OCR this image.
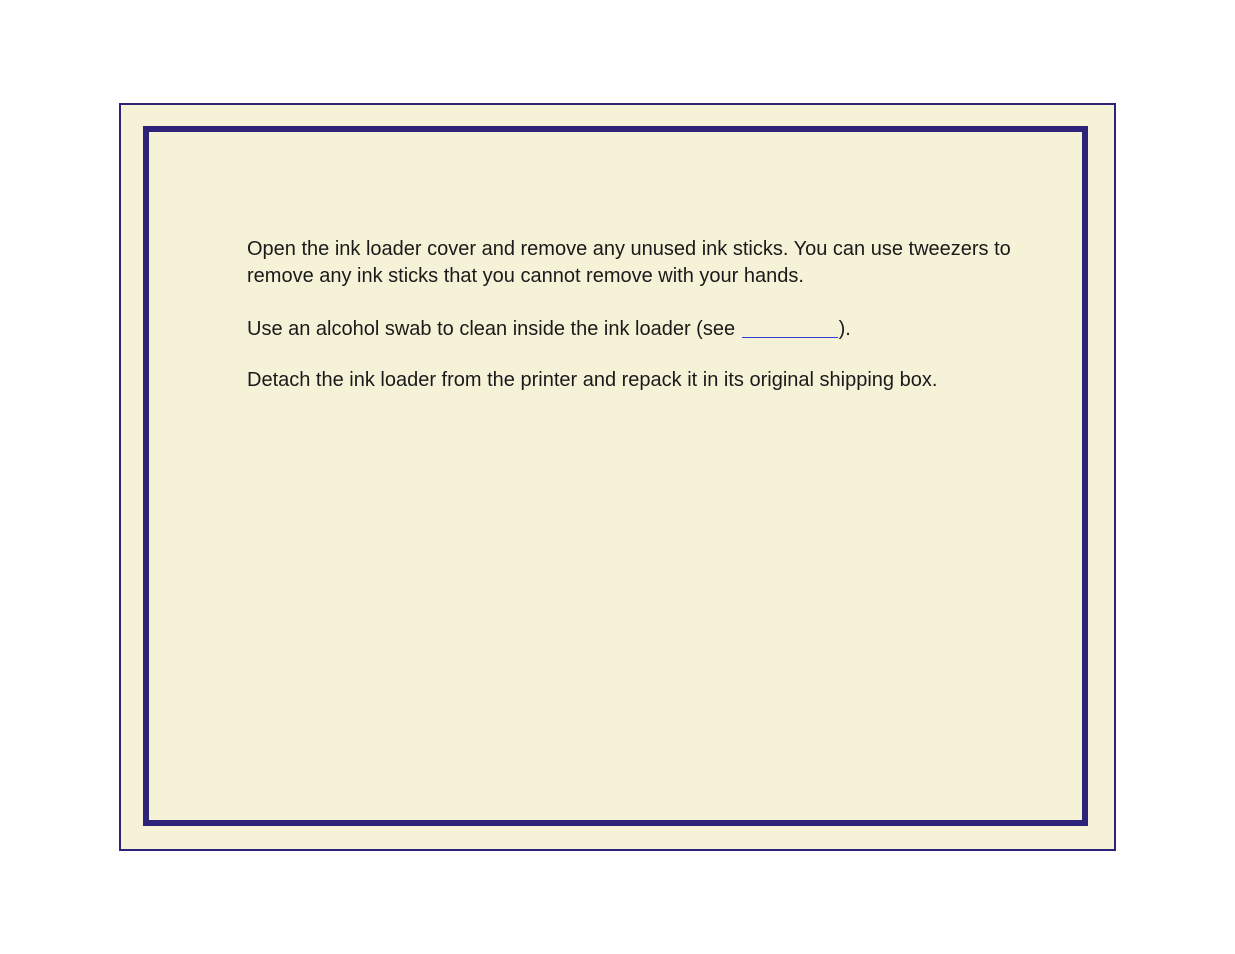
Open the ink loader cover and remove any unused ink sticks. You can use tweezers to remove any ink sticks that you cannot remove with your hands.

Use an alcohol swab to clean inside the ink loader (see	).

Detach the ink loader from the printer and repack it in its original shipping box.
